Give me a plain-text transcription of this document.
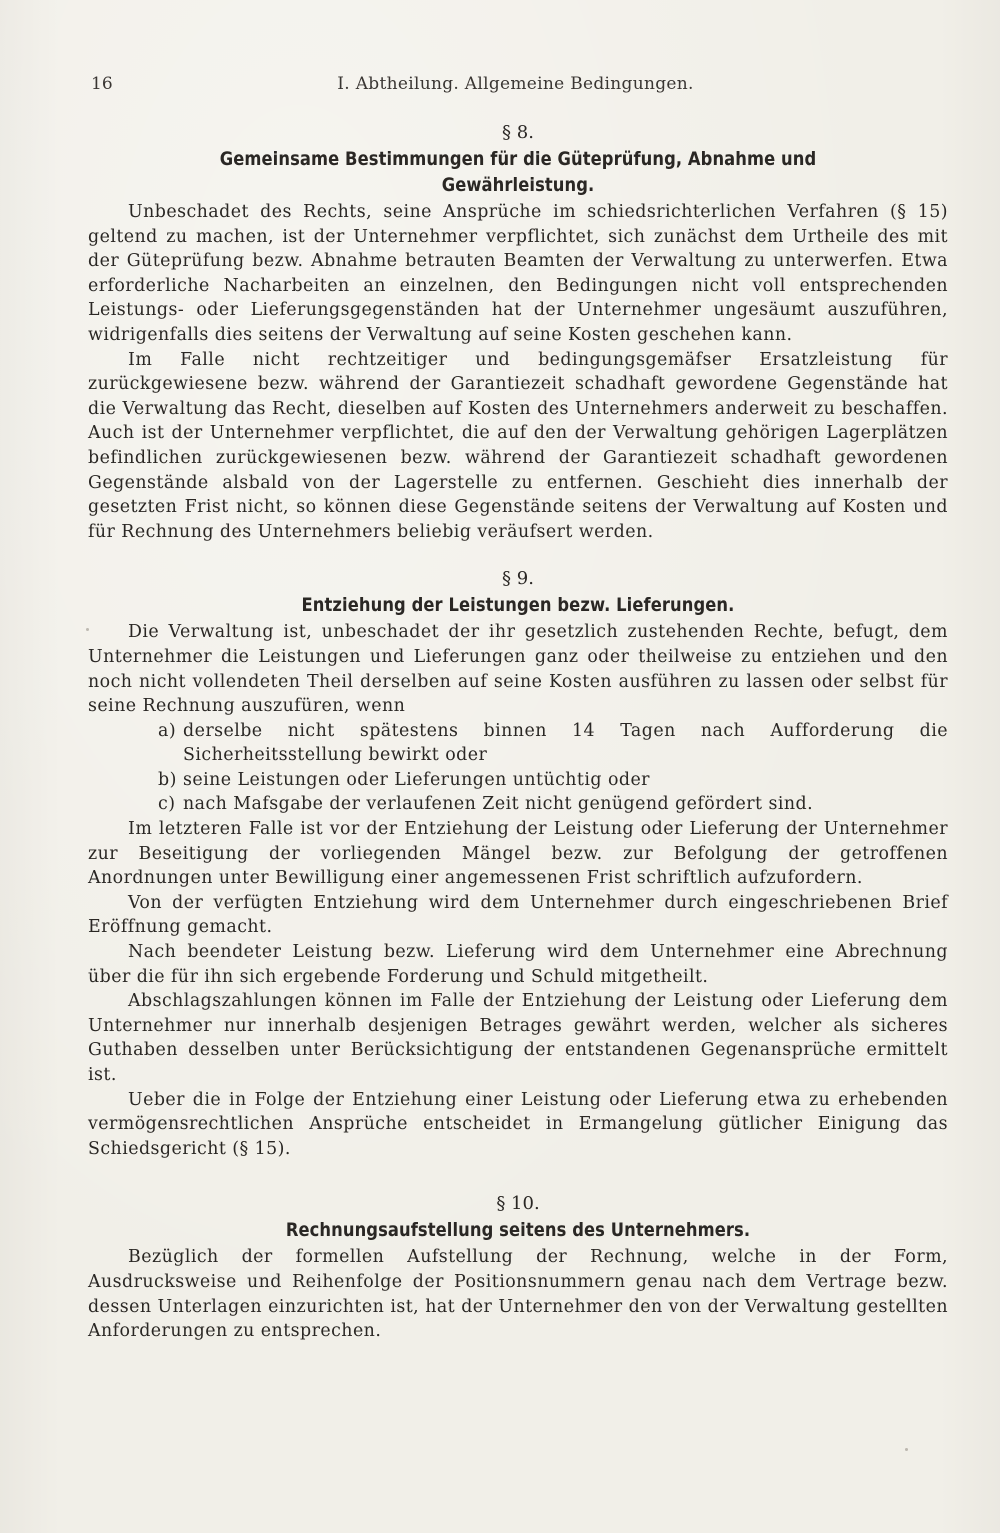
16	I. Abtheilung. Allgemeine Bedingungen.
§ 8.
Gemeinsame Bestimmungen für die Güteprüfung, Abnahme und Gewährleistung.

Unbeschadet des Rechts, seine Ansprüche im schiedsrichterlichen Verfahren (§ 15) geltend zu machen, ist der Unternehmer verpflichtet, sich zunächst dem Urtheile des mit der Güteprüfung bezw. Abnahme betrauten Beamten der Verwaltung zu unterwerfen. Etwa erforderliche Nacharbeiten an einzelnen, den Bedingungen nicht voll entsprechenden Leistungs- oder Lieferungsgegenständen hat der Unternehmer ungesäumt auszuführen, widrigenfalls dies seitens der Verwaltung auf seine Kosten geschehen kann.

Im Falle nicht rechtzeitiger und bedingungsgemäfser Ersatzleistung für zurückgewiesene bezw. während der Garantiezeit schadhaft gewordene Gegenstände hat die Verwaltung das Recht, dieselben auf Kosten des Unternehmers anderweit zu beschaffen. Auch ist der Unternehmer verpflichtet, die auf den der Verwaltung gehörigen Lagerplätzen befindlichen zurückgewiesenen bezw. während der Garantiezeit schadhaft gewordenen Gegenstände alsbald von der Lagerstelle zu entfernen. Geschieht dies innerhalb der gesetzten Frist nicht, so können diese Gegenstände seitens der Verwaltung auf Kosten und für Rechnung des Unternehmers beliebig veräufsert werden.

§ 9.
Entziehung der Leistungen bezw. Lieferungen.

Die Verwaltung ist, unbeschadet der ihr gesetzlich zustehenden Rechte, befugt, dem Unternehmer die Leistungen und Lieferungen ganz oder theilweise zu entziehen und den noch nicht vollendeten Theil derselben auf seine Kosten ausführen zu lassen oder selbst für seine Rechnung auszufüren, wenn

a) derselbe nicht spätestens binnen 14 Tagen nach Aufforderung die Sicherheitsstellung bewirkt oder
b) seine Leistungen oder Lieferungen untüchtig oder
c) nach Mafsgabe der verlaufenen Zeit nicht genügend gefördert sind.

Im letzteren Falle ist vor der Entziehung der Leistung oder Lieferung der Unternehmer zur Beseitigung der vorliegenden Mängel bezw. zur Befolgung der getroffenen Anordnungen unter Bewilligung einer angemessenen Frist schriftlich aufzufordern.

Von der verfügten Entziehung wird dem Unternehmer durch eingeschriebenen Brief Eröffnung gemacht.

Nach beendeter Leistung bezw. Lieferung wird dem Unternehmer eine Abrechnung über die für ihn sich ergebende Forderung und Schuld mitgetheilt.

Abschlagszahlungen können im Falle der Entziehung der Leistung oder Lieferung dem Unternehmer nur innerhalb desjenigen Betrages gewährt werden, welcher als sicheres Guthaben desselben unter Berücksichtigung der entstandenen Gegenansprüche ermittelt ist.

Ueber die in Folge der Entziehung einer Leistung oder Lieferung etwa zu erhebenden vermögensrechtlichen Ansprüche entscheidet in Ermangelung gütlicher Einigung das Schiedsgericht (§ 15).

§ 10.
Rechnungsaufstellung seitens des Unternehmers.

Bezüglich der formellen Aufstellung der Rechnung, welche in der Form, Ausdrucksweise und Reihenfolge der Positionsnummern genau nach dem Vertrage bezw. dessen Unterlagen einzurichten ist, hat der Unternehmer den von der Verwaltung gestellten Anforderungen zu entsprechen.
